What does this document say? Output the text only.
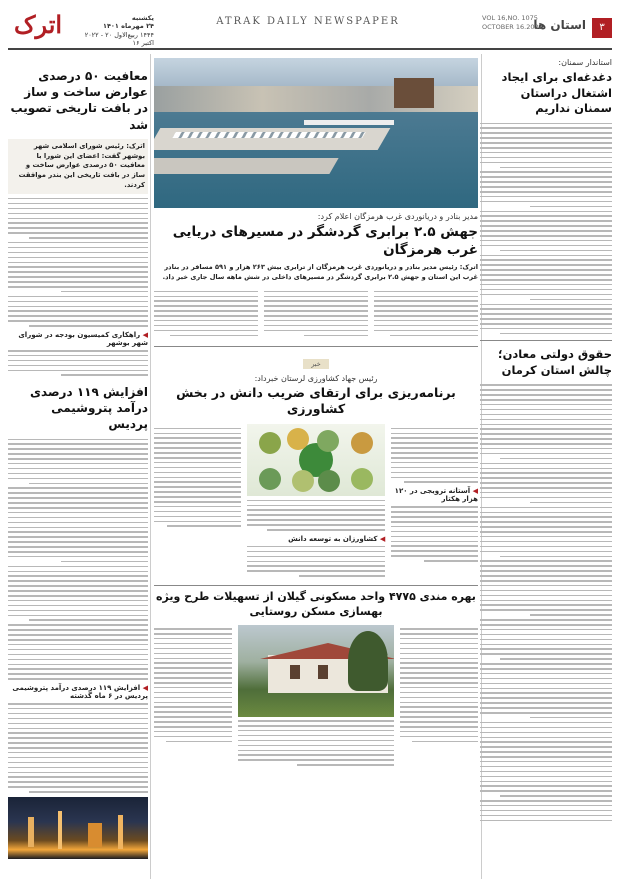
اترک	یکشنبه
۲۴ مهرماه ۱۴۰۱
۱۴۴۴ ربیع‌الاول ۲۰ - ۲۰۲۲ اکتبر ۱۶
ATRAK DAILY NEWSPAPER
۳
استان ها
VOL 16,NO. 1075
OCTOBER 16.2022
استاندار سمنان:
دغدغه‌ای برای ایجاد اشتغال دراستان سمنان نداریم
حقوق دولتی معادن؛ چالش استان کرمان
معافیت ۵۰ درصدی عوارض ساخت و ساز در بافت تاریخی تصویب شد
اترک: رئیس شورای اسلامی شهر بوشهر گفت: اعضای این شورا با معافیت ۵۰ درصدی عوارض ساخت و ساز در بافت تاریخی این بندر موافقت کردند.
◀ راهکاری کمیسیون بودجه در شورای شهر بوشهر
افزایش ۱۱۹ درصدی درآمد پتروشیمی پردیس
◀ افزایش ۱۱۹ درصدی درآمد پتروشیمی پردیس در ۶ ماه گذشته
مدیر بنادر و دریانوردی غرب هرمزگان اعلام کرد:
جهش ۲.۵ برابری گردشگر در مسیرهای دریایی غرب هرمزگان
اترک: رئیس مدیر بنادر و دریانوردی غرب هرمزگان از ترابری بیش ۲۶۳ هزار و ۵۹۱ مسافر در بنادر غرب این استان و جهش ۲.۵ برابری گردشگر در مسیرهای داخلی در شش ماهه سال جاری خبر داد.
خبر
رئیس جهاد کشاورزی لرستان خبرداد:
برنامه‌ریزی برای ارتقای ضریب دانش در بخش کشاورزی
◀ آستانه ترویجی در ۱۲۰ هزار هکتار
◀ کشاورزان به توسعه دانش
بهره مندی ۴۷۷۵ واحد مسکونی گیلان از تسهیلات طرح ویژه بهسازی مسکن روستایی
